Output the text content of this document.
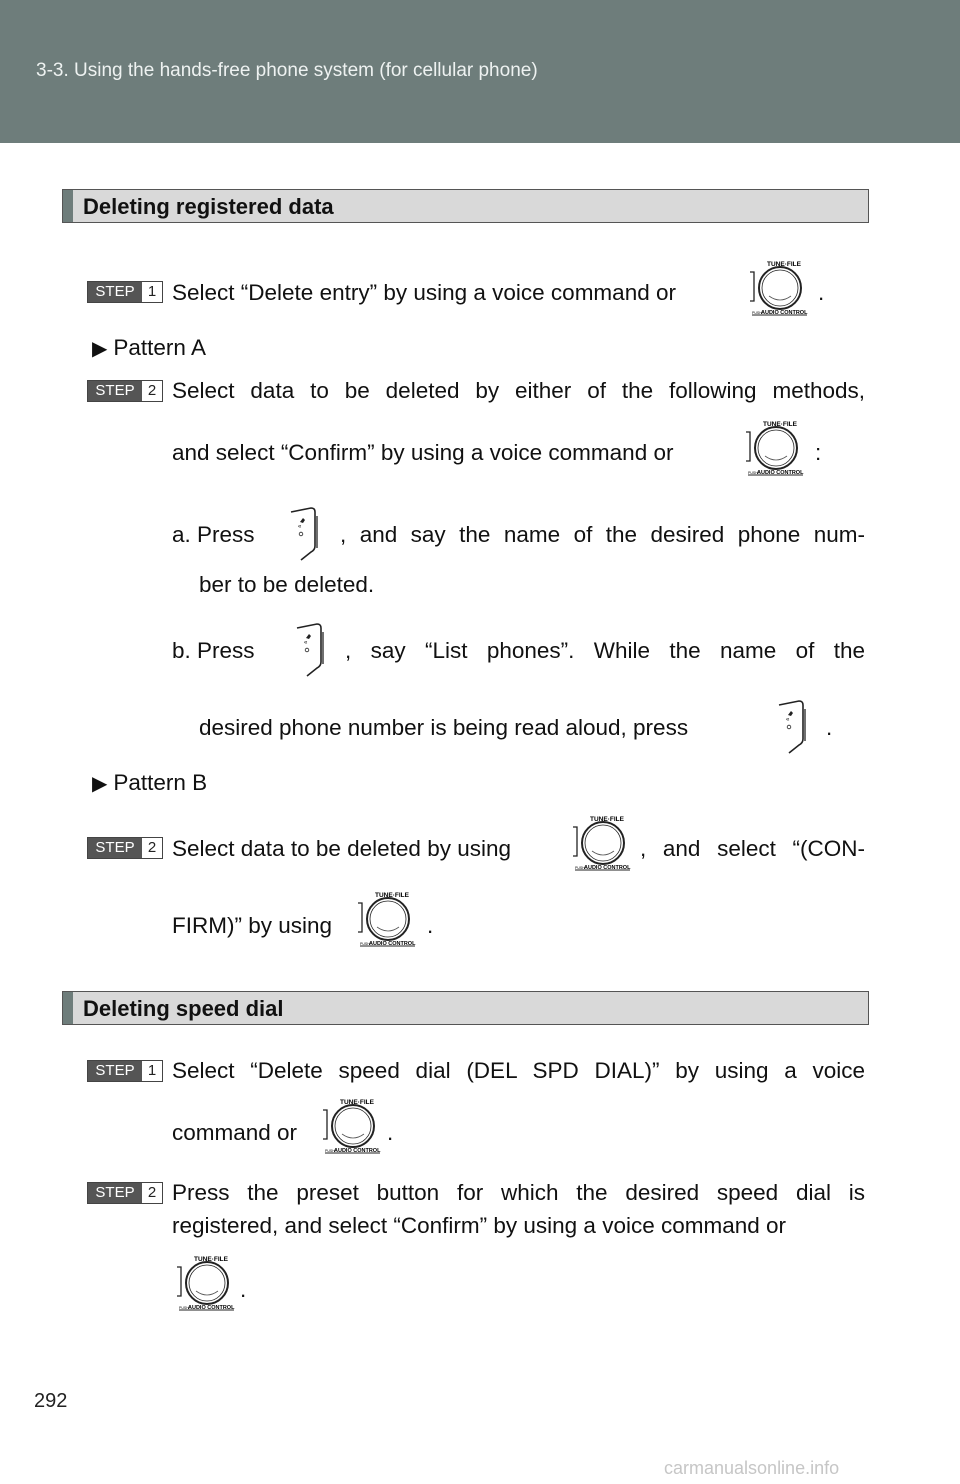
3-3. Using the hands-free phone system (for cellular phone)
Deleting registered data
STEP 1 Select “Delete entry” by using a voice command or	.
▶ Pattern A
STEP 2 Select data to be deleted by either of the following methods,
and select “Confirm” by using a voice command or	:
a. Press	, and say the name of the desired phone num-
ber to be deleted.
b. Press	, say “List phones”. While the name of the
desired phone number is being read aloud, press	.
▶ Pattern B
STEP 2 Select data to be deleted by using	, and select “(CON-
FIRM)” by using	.
Deleting speed dial
STEP 1 Select “Delete speed dial (DEL SPD DIAL)” by using a voice
command or	.
STEP 2 Press the preset button for which the desired speed dial is
registered, and select “Confirm” by using a voice command or
.
292
carmanualsonline.info
